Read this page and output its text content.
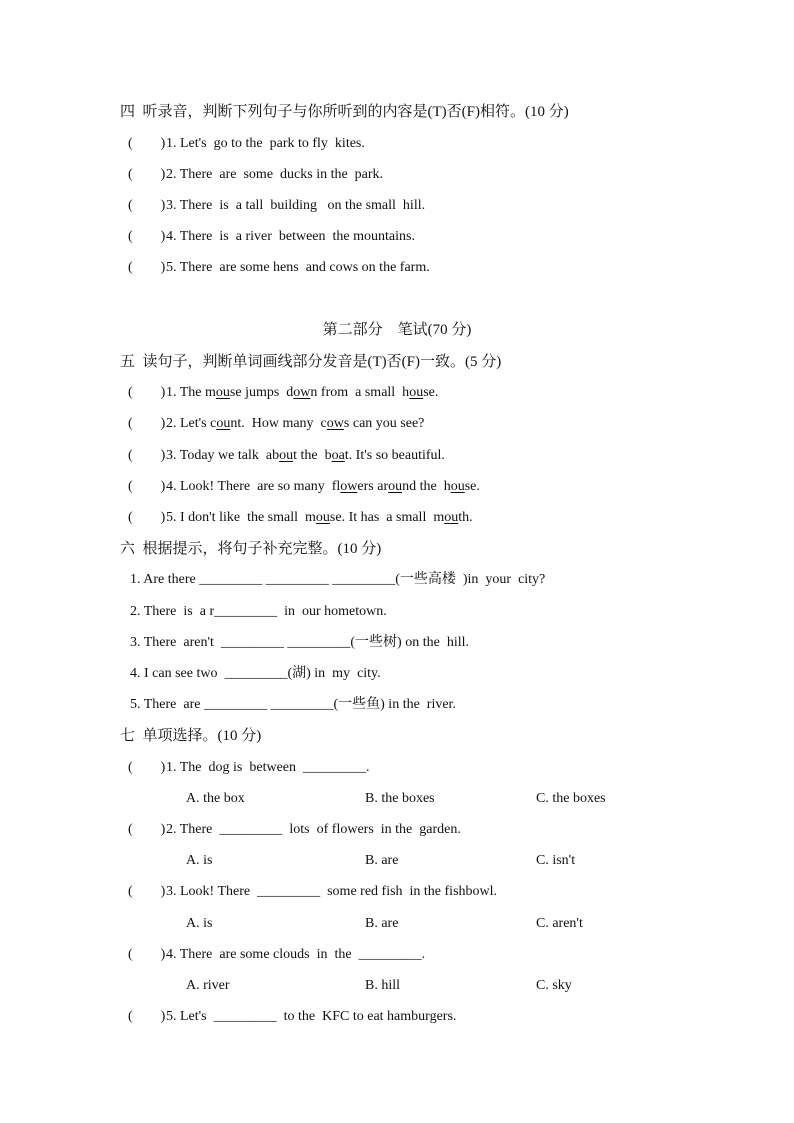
四  听录音，判断下列句子与你所听到的内容是(T)否(F)相符。(10 分)
(        ) 1. Let's  go to the  park to fly  kites.
(        ) 2. There  are  some  ducks in the  park.
(        ) 3. There  is  a tall  building   on the small  hill.
(        ) 4. There  is  a river  between  the mountains.
(        ) 5. There  are some hens  and cows on the farm.
第二部分    笔试(70 分)
五  读句子，判断单词画线部分发音是(T)否(F)一致。(5 分)
(        ) 1. The mouse jumps  down from  a small  house.
(        ) 2. Let's count.  How many  cows can you see?
(        ) 3. Today we talk  about the  boat. It's so beautiful.
(        ) 4. Look! There  are so many  flowers around the  house.
(        ) 5. I don't like  the small  mouse. It has  a small  mouth.
六  根据提示，将句子补充完整。(10 分)
1. Are there _________ _________ _________(一些高楼  )in  your  city?
2. There  is  a r_________  in  our hometown.
3. There  aren't  _________ _________(一些树) on the  hill.
4. I can see two  _________(湖) in  my  city.
5. There  are _________ _________(一些鱼) in the  river.
七  单项选择。(10 分)
(        ) 1. The  dog is  between  _________.
A. the box	B. the boxes	C. the boxes
(        ) 2. There  _________  lots  of flowers  in the  garden.
A. is	B. are	C. isn't
(        ) 3. Look! There  _________  some red fish  in the fishbowl.
A. is	B. are	C. aren't
(        ) 4. There  are some clouds  in  the  _________.
A. river	B. hill	C. sky
(        ) 5. Let's  _________  to the  KFC to eat hamburgers.
